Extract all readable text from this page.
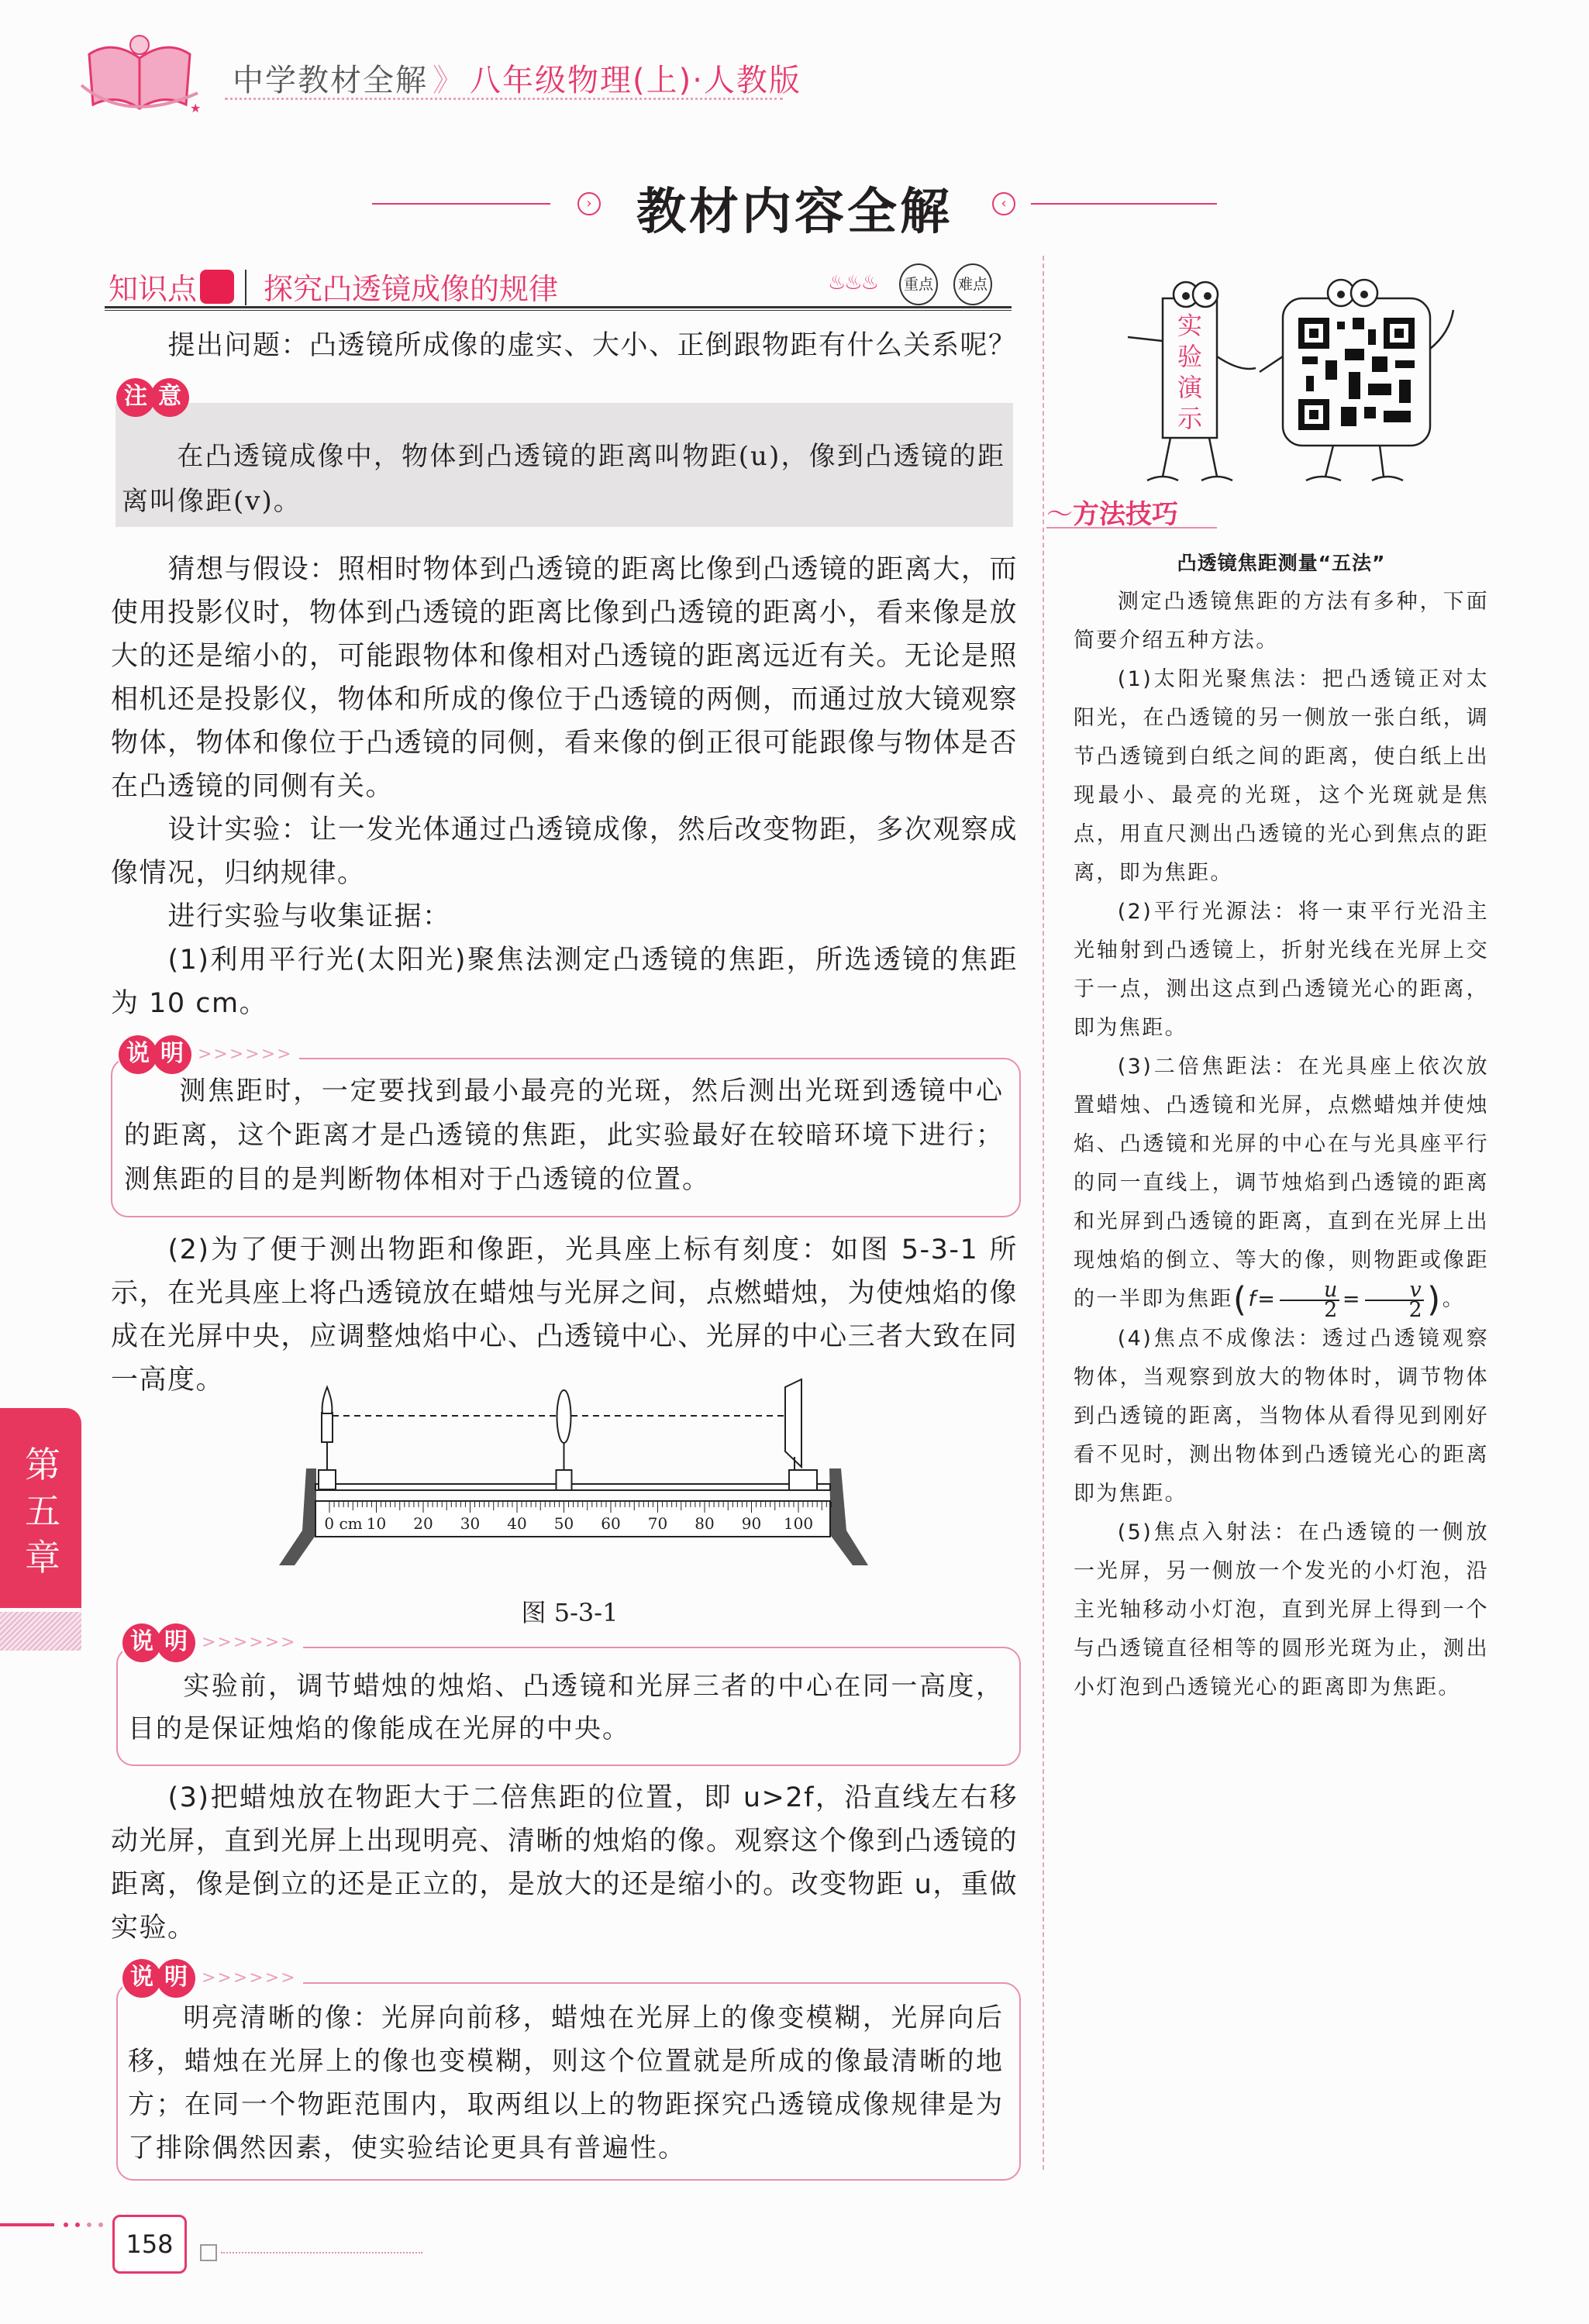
★
中学教材全解 》 八年级物理(上)·人教版
› 教材内容全解	‹
知识点 探究凸透镜成像的规律	♨♨♨	重点	难点

提出问题：凸透镜所成像的虚实、大小、正倒跟物距有什么关系呢？

注 意

在凸透镜成像中，物体到凸透镜的距离叫物距(u)，像到凸透镜的距离叫像距(v)。

猜想与假设：照相时物体到凸透镜的距离比像到凸透镜的距离大，而使用投影仪时，物体到凸透镜的距离比像到凸透镜的距离小，看来像是放大的还是缩小的，可能跟物体和像相对凸透镜的距离远近有关。无论是照相机还是投影仪，物体和所成的像位于凸透镜的两侧，而通过放大镜观察物体，物体和像位于凸透镜的同侧，看来像的倒正很可能跟像与物体是否在凸透镜的同侧有关。

设计实验：让一发光体通过凸透镜成像，然后改变物距，多次观察成像情况，归纳规律。

进行实验与收集证据：

(1)利用平行光(太阳光)聚焦法测定凸透镜的焦距，所选透镜的焦距为 10 cm。

说 明 >>>>>>

测焦距时，一定要找到最小最亮的光斑，然后测出光斑到透镜中心的距离，这个距离才是凸透镜的焦距，此实验最好在较暗环境下进行；测焦距的目的是判断物体相对于凸透镜的位置。

(2)为了便于测出物距和像距，光具座上标有刻度：如图 5-3-1 所示，在光具座上将凸透镜放在蜡烛与光屏之间，点燃蜡烛，为使烛焰的像成在光屏中央，应调整烛焰中心、凸透镜中心、光屏的中心三者大致在同一高度。

0 cm 10 20 30 40 50 60 70 80 90 100
图 5-3-1
第五章
说 明 >>>>>>

实验前，调节蜡烛的烛焰、凸透镜和光屏三者的中心在同一高度，目的是保证烛焰的像能成在光屏的中央。

(3)把蜡烛放在物距大于二倍焦距的位置，即 u>2f，沿直线左右移动光屏，直到光屏上出现明亮、清晰的烛焰的像。观察这个像到凸透镜的距离，像是倒立的还是正立的，是放大的还是缩小的。改变物距 u，重做实验。

说 明 >>>>>>

明亮清晰的像：光屏向前移，蜡烛在光屏上的像变模糊，光屏向后移，蜡烛在光屏上的像也变模糊，则这个位置就是所成的像最清晰的地方；在同一个物距范围内，取两组以上的物距探究凸透镜成像规律是为了排除偶然因素，使实验结论更具有普遍性。

实验演示
〜方法技巧
凸透镜焦距测量“五法”

测定凸透镜焦距的方法有多种，下面简要介绍五种方法。

(1)太阳光聚焦法：把凸透镜正对太阳光，在凸透镜的另一侧放一张白纸，调节凸透镜到白纸之间的距离，使白纸上出现最小、最亮的光斑，这个光斑就是焦点，用直尺测出凸透镜的光心到焦点的距离，即为焦距。

(2)平行光源法：将一束平行光沿主光轴射到凸透镜上，折射光线在光屏上交于一点，测出这点到凸透镜光心的距离，即为焦距。

(3)二倍焦距法：在光具座上依次放置蜡烛、凸透镜和光屏，点燃蜡烛并使烛焰、凸透镜和光屏的中心在与光具座平行的同一直线上，调节烛焰到凸透镜的距离和光屏到凸透镜的距离，直到在光屏上出现烛焰的倒立、等大的像，则物距或像距的一半即为焦距($f= \frac{u}{2} = \frac{v}{2}$ )。

(4)焦点不成像法：透过凸透镜观察物体，当观察到放大的物体时，调节物体到凸透镜的距离，当物体从看得见到刚好看不见时，测出物体到凸透镜光心的距离即为焦距。

(5)焦点入射法：在凸透镜的一侧放一光屏，另一侧放一个发光的小灯泡，沿主光轴移动小灯泡，直到光屏上得到一个与凸透镜直径相等的圆形光斑为止，测出小灯泡到凸透镜光心的距离即为焦距。

158
